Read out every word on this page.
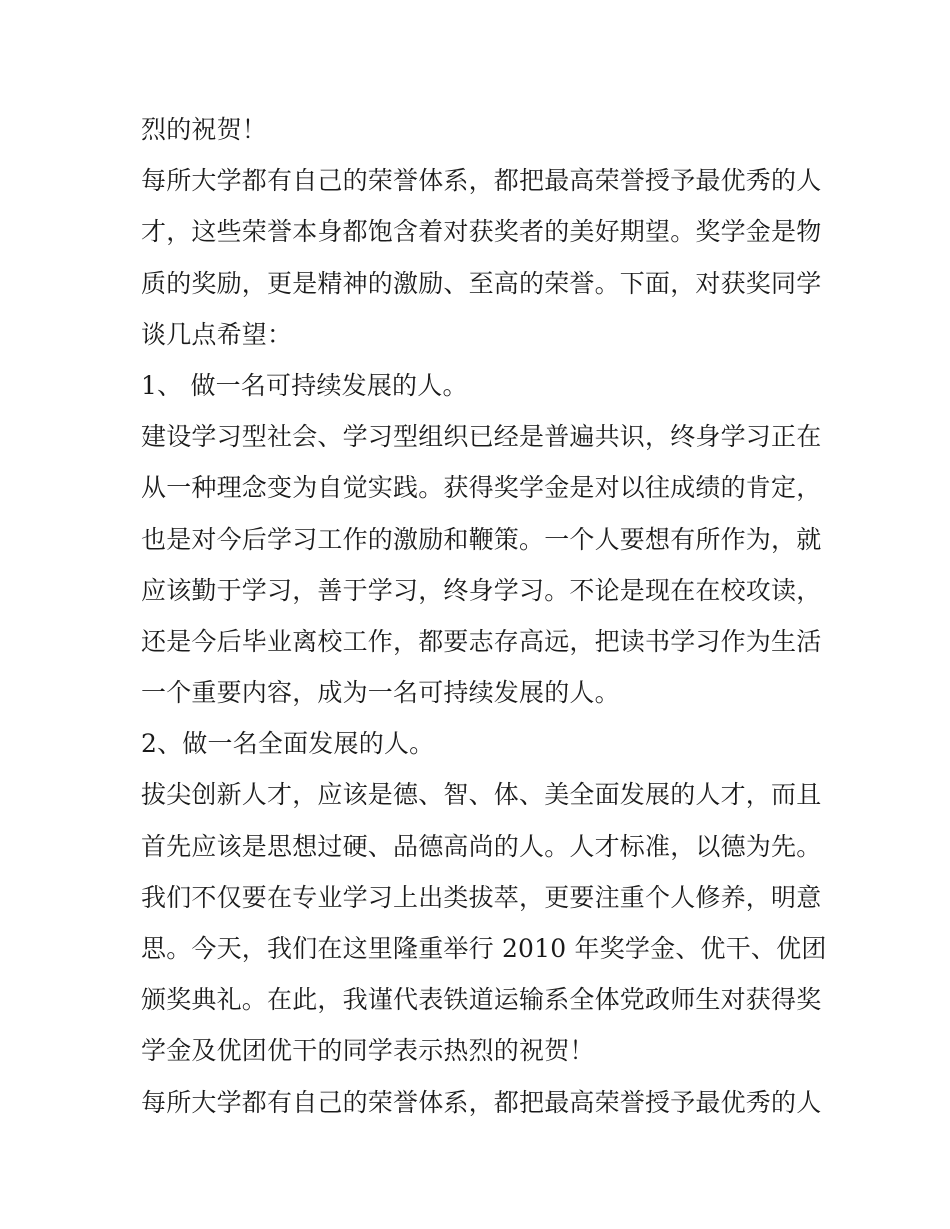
烈的祝贺！
每所大学都有自己的荣誉体系，都把最高荣誉授予最优秀的人
才，这些荣誉本身都饱含着对获奖者的美好期望。奖学金是物
质的奖励，更是精神的激励、至高的荣誉。下面，对获奖同学
谈几点希望：
1、 做一名可持续发展的人。
建设学习型社会、学习型组织已经是普遍共识，终身学习正在
从一种理念变为自觉实践。获得奖学金是对以往成绩的肯定，
也是对今后学习工作的激励和鞭策。一个人要想有所作为，就
应该勤于学习，善于学习，终身学习。不论是现在在校攻读，
还是今后毕业离校工作，都要志存高远，把读书学习作为生活
一个重要内容，成为一名可持续发展的人。
2、做一名全面发展的人。
拔尖创新人才，应该是德、智、体、美全面发展的人才，而且
首先应该是思想过硬、品德高尚的人。人才标准，以德为先。
我们不仅要在专业学习上出类拔萃，更要注重个人修养，明意
思。今天，我们在这里隆重举行 2010 年奖学金、优干、优团
颁奖典礼。在此，我谨代表铁道运输系全体党政师生对获得奖
学金及优团优干的同学表示热烈的祝贺！
每所大学都有自己的荣誉体系，都把最高荣誉授予最优秀的人
